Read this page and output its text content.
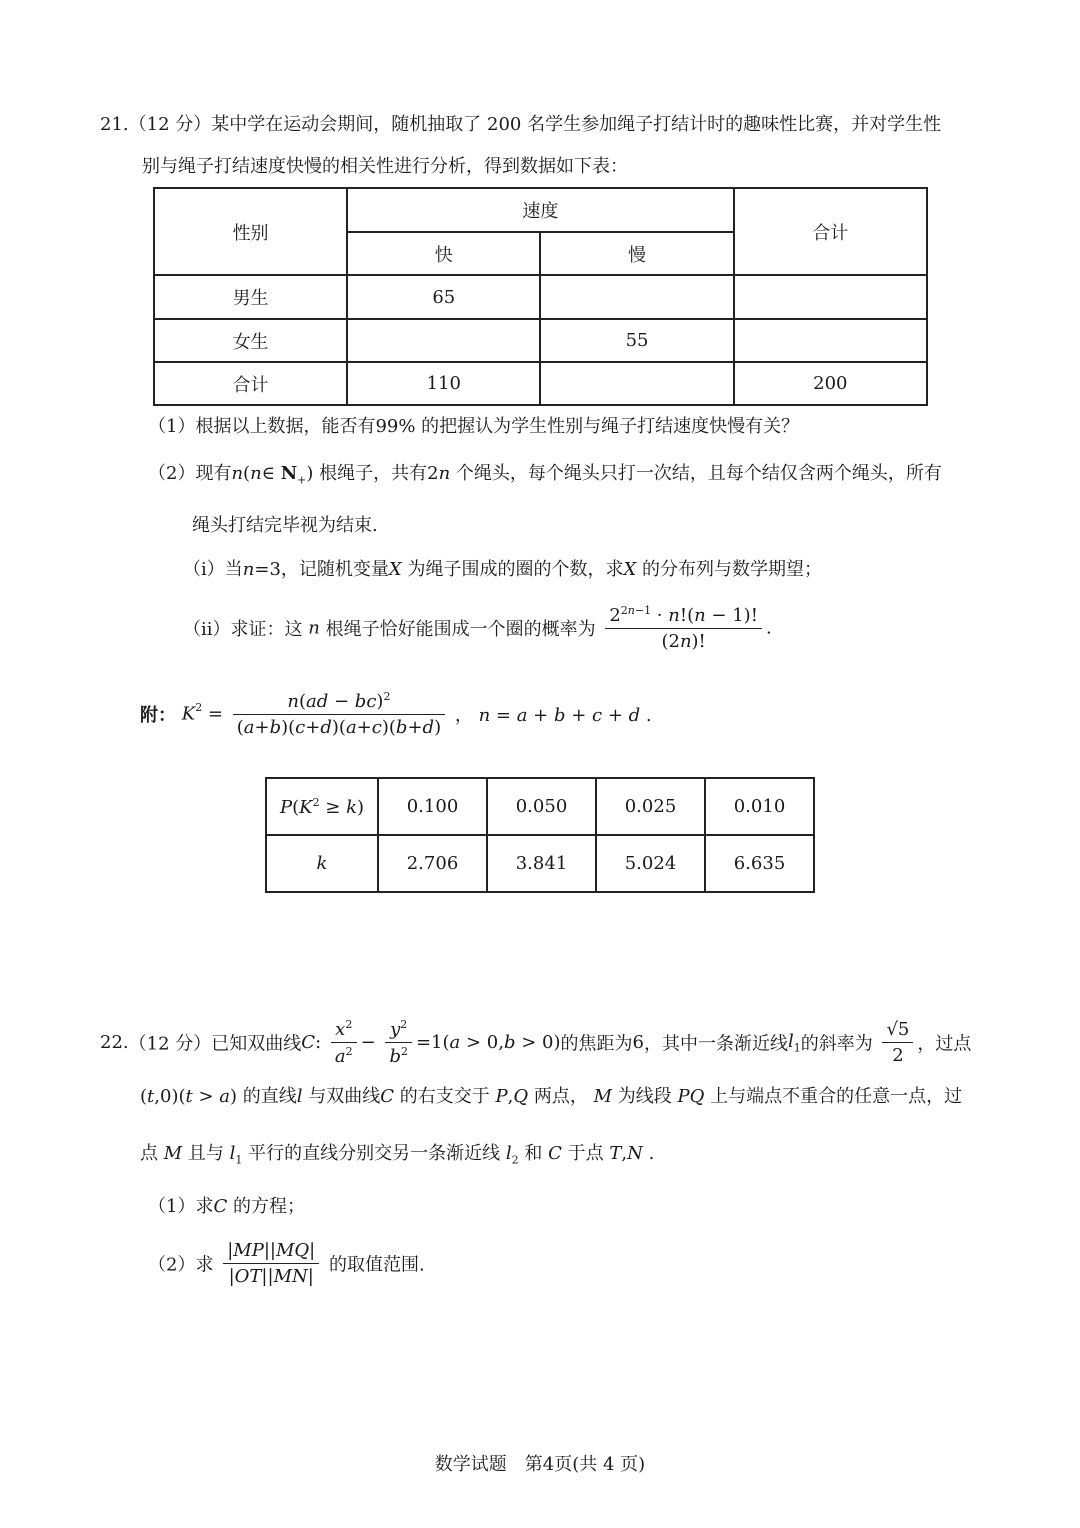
21.（12 分）某中学在运动会期间，随机抽取了 200 名学生参加绳子打结计时的趣味性比赛，并对学生性
别与绳子打结速度快慢的相关性进行分析，得到数据如下表：
性别	速度		合计
	快	慢	
男生	65		
女生		55	
合计	110		200
（1）根据以上数据，能否有99% 的把握认为学生性别与绳子打结速度快慢有关？
（2）现有n(n∈ $N_+$) 根绳子，共有2n 个绳头，每个绳头只打一次结，且每个结仅含两个绳头，所有
绳头打结完毕视为结束.
（i）当n=3，记随机变量X 为绳子围成的圈的个数，求X 的分布列与数学期望；
（ii）求证：这 n 根绳子恰好能围成一个圈的概率为 $\frac{2^{2n-1} \cdot n!(n - 1)!}{(2n)!}$ .
附： $K^2 = \frac{n(ad - bc)^2}{(a+b)(c+d)(a+c)(b+d)}$ ， n = a + b + c + d .
$P(K^2 \ge k)$	0.100	0.050	0.025	0.010
k	2.706	3.841	5.024	6.635
22.（12 分）已知双曲线C: $\frac{x^2}{a^2} - \frac{y^2}{b^2} =1(a > 0,b > 0)$的焦距为6，其中一条渐近线$l_1$的斜率为 $\frac{√5}{2}$ ，过点
(t,0)(t > a) 的直线l 与双曲线C 的右支交于 P,Q 两点， M 为线段 PQ 上与端点不重合的任意一点，过
点 M 且与 $l_1$ 平行的直线分别交另一条渐近线 $l_2$ 和 C 于点 T,N .
（1）求C 的方程；
（2）求 $\frac{|MP||MQ|}{|OT||MN|}$ 的取值范围.
数学试题　第4页(共 4 页)
